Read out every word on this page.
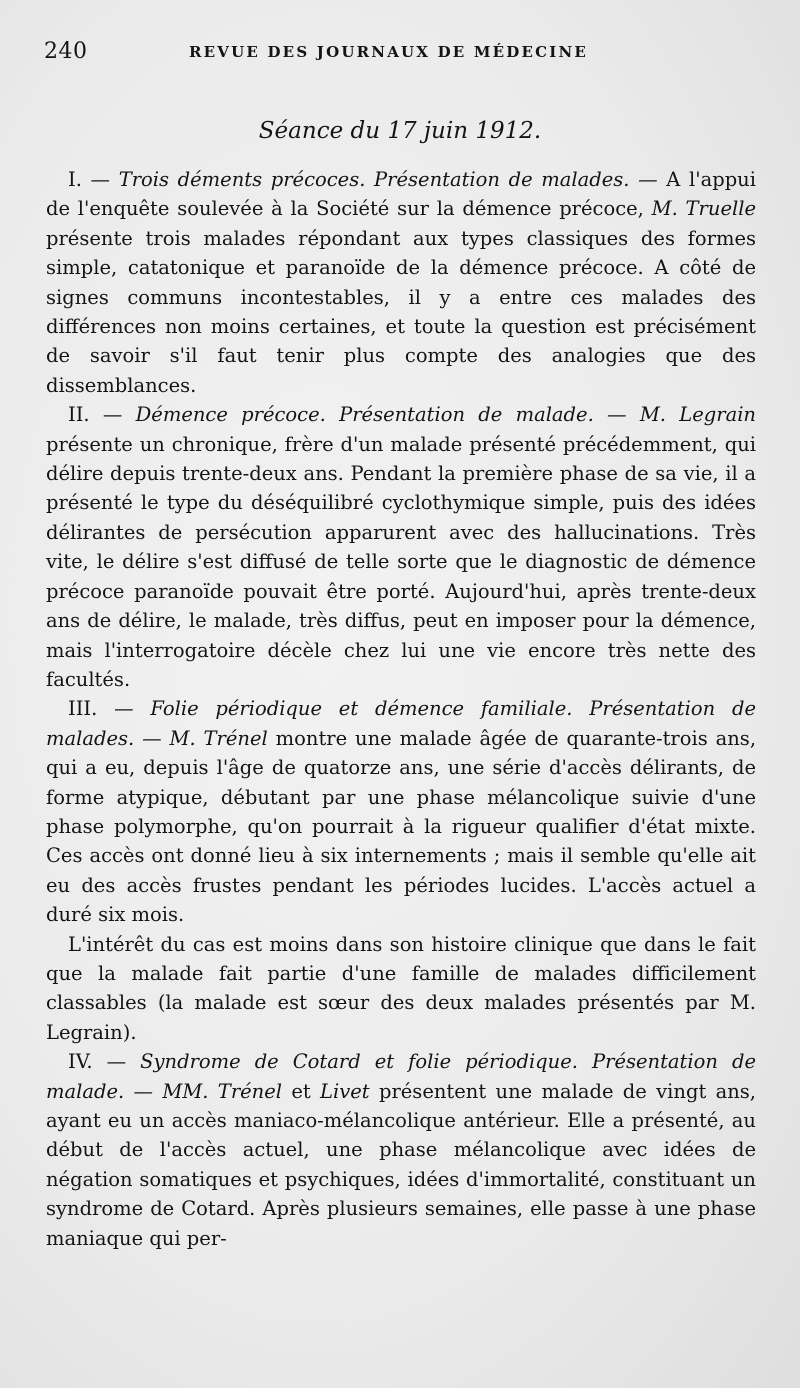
240	REVUE DES JOURNAUX DE MÉDECINE
Séance du 17 juin 1912.

I. — Trois déments précoces. Présentation de malades. — A l'appui de l'enquête soulevée à la Société sur la démence précoce, M. Truelle présente trois malades répondant aux types classiques des formes simple, catatonique et paranoïde de la démence précoce. A côté de signes communs incontestables, il y a entre ces malades des différences non moins certaines, et toute la question est précisément de savoir s'il faut tenir plus compte des analogies que des dissemblances.

II. — Démence précoce. Présentation de malade. — M. Legrain présente un chronique, frère d'un malade présenté précédemment, qui délire depuis trente-deux ans. Pendant la première phase de sa vie, il a présenté le type du déséquilibré cyclothymique simple, puis des idées délirantes de persécution apparurent avec des hallucinations. Très vite, le délire s'est diffusé de telle sorte que le diagnostic de démence précoce paranoïde pouvait être porté. Aujourd'hui, après trente-deux ans de délire, le malade, très diffus, peut en imposer pour la démence, mais l'interrogatoire décèle chez lui une vie encore très nette des facultés.

III. — Folie périodique et démence familiale. Présentation de malades. — M. Trénel montre une malade âgée de quarante-trois ans, qui a eu, depuis l'âge de quatorze ans, une série d'accès délirants, de forme atypique, débutant par une phase mélancolique suivie d'une phase polymorphe, qu'on pourrait à la rigueur qualifier d'état mixte. Ces accès ont donné lieu à six internements ; mais il semble qu'elle ait eu des accès frustes pendant les périodes lucides. L'accès actuel a duré six mois.

L'intérêt du cas est moins dans son histoire clinique que dans le fait que la malade fait partie d'une famille de malades difficilement classables (la malade est sœur des deux malades présentés par M. Legrain).

IV. — Syndrome de Cotard et folie périodique. Présentation de malade. — MM. Trénel et Livet présentent une malade de vingt ans, ayant eu un accès maniaco-mélancolique antérieur. Elle a présenté, au début de l'accès actuel, une phase mélancolique avec idées de négation somatiques et psychiques, idées d'immortalité, constituant un syndrome de Cotard. Après plusieurs semaines, elle passe à une phase maniaque qui per-
